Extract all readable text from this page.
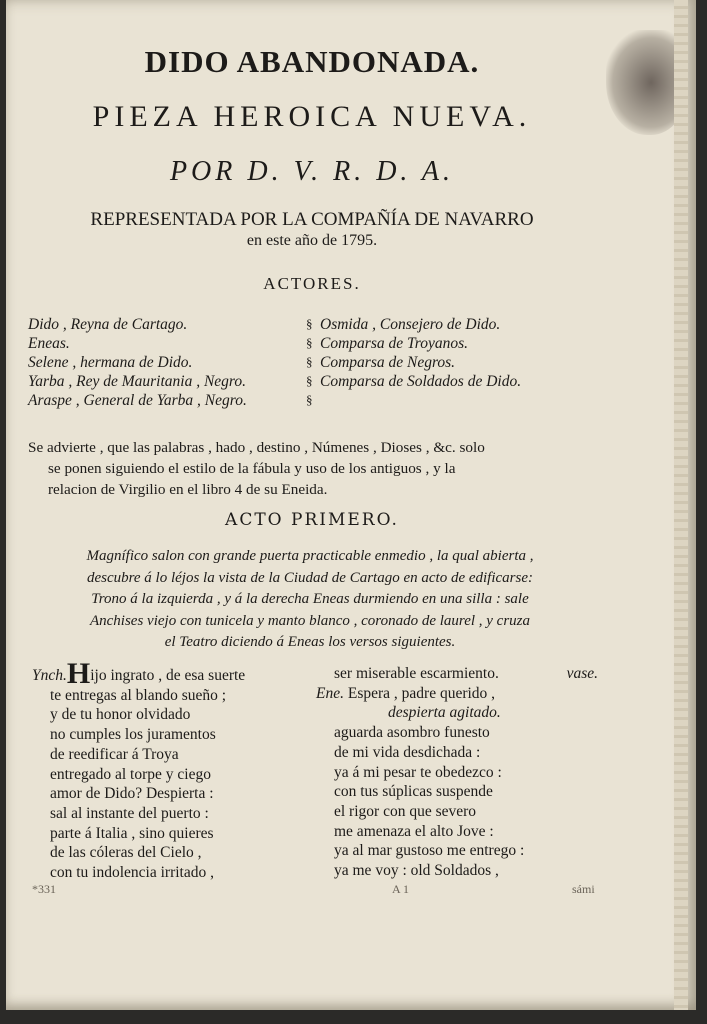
DIDO ABANDONADA.
PIEZA HEROICA NUEVA.
POR D. V. R. D. A.
REPRESENTADA POR LA COMPAÑÍA DE NAVARRO
en este año de 1795.
ACTORES.
Dido , Reyna de Cartago.	§ Osmida , Consejero de Dido.
Eneas.	§ Comparsa de Troyanos.
Selene , hermana de Dido.	§ Comparsa de Negros.
Yarba , Rey de Mauritania , Negro.	§ Comparsa de Soldados de Dido.
Araspe , General de Yarba , Negro.	§
Se advierte , que las palabras , hado , destino , Númenes , Dioses , &c. solo
se ponen siguiendo el estilo de la fábula y uso de los antiguos , y la
relacion de Virgilio en el libro 4 de su Eneida.
ACTO PRIMERO.
Magnífico salon con grande puerta practicable enmedio , la qual abierta ,
descubre á lo léjos la vista de la Ciudad de Cartago en acto de edificarse:
Trono á la izquierda , y á la derecha Eneas durmiendo en una silla : sale
Anchises viejo con tunicela y manto blanco , coronado de laurel , y cruza
el Teatro diciendo á Eneas los versos siguientes.
Ynch.Hijo ingrato , de esa suerte
te entregas al blando sueño ;
y de tu honor olvidado
no cumples los juramentos
de reedificar á Troya
entregado al torpe y ciego
amor de Dido? Despierta :
sal al instante del puerto :
parte á Italia , sino quieres
de las cóleras del Cielo ,
con tu indolencia irritado ,
ser miserable escarmiento.	vase.
Ene. Espera , padre querido ,
despierta agitado.
aguarda asombro funesto
de mi vida desdichada :
ya á mi pesar te obedezco :
con tus súplicas suspende
el rigor con que severo
me amenaza el alto Jove :
ya al mar gustoso me entrego :
ya me voy : old Soldados ,
*331	A 1	sámi
